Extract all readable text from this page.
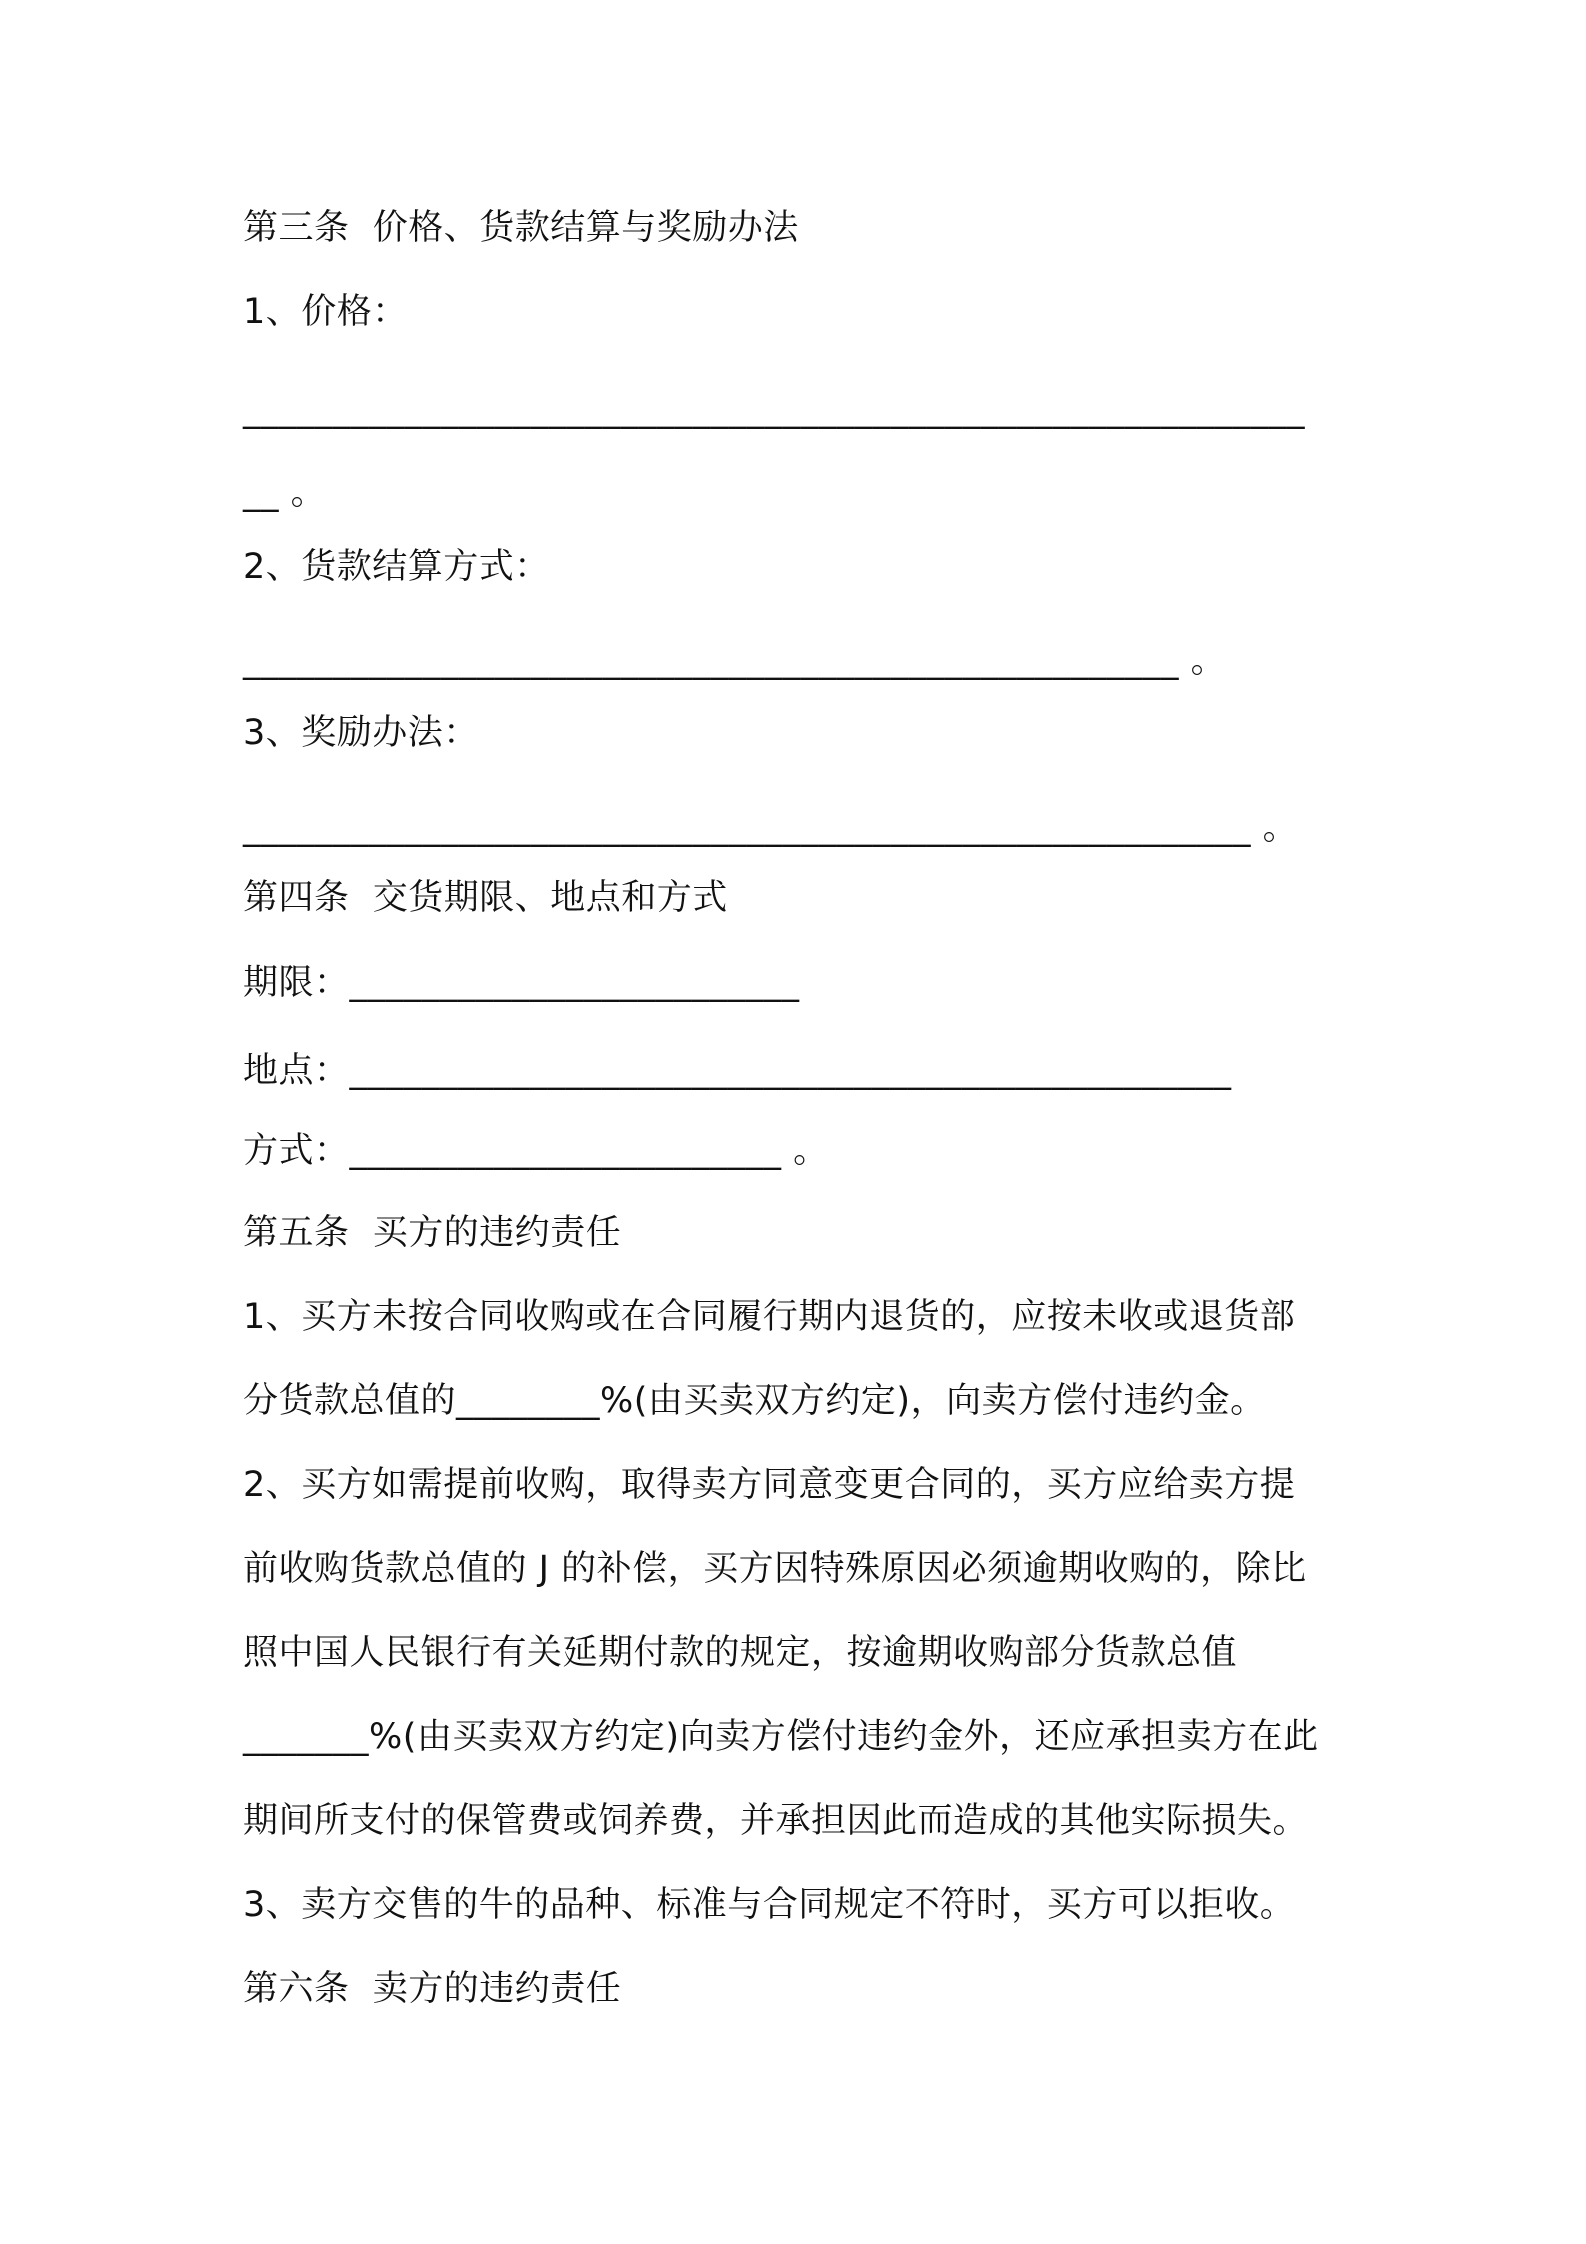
第三条  价格、货款结算与奖励办法
1、价格：
___________________________________________________________
__ 。
2、货款结算方式：
____________________________________________________ 。
3、奖励办法：
________________________________________________________ 。
第四条  交货期限、地点和方式
期限：_________________________
地点：_________________________________________________
方式：________________________ 。
第五条  买方的违约责任
1、买方未按合同收购或在合同履行期内退货的，应按未收或退货部
分货款总值的________%(由买卖双方约定)，向卖方偿付违约金。
2、买方如需提前收购，取得卖方同意变更合同的，买方应给卖方提
前收购货款总值的 J 的补偿，买方因特殊原因必须逾期收购的，除比
照中国人民银行有关延期付款的规定，按逾期收购部分货款总值
_______%(由买卖双方约定)向卖方偿付违约金外，还应承担卖方在此
期间所支付的保管费或饲养费，并承担因此而造成的其他实际损失。
3、卖方交售的牛的品种、标准与合同规定不符时，买方可以拒收。
第六条  卖方的违约责任
